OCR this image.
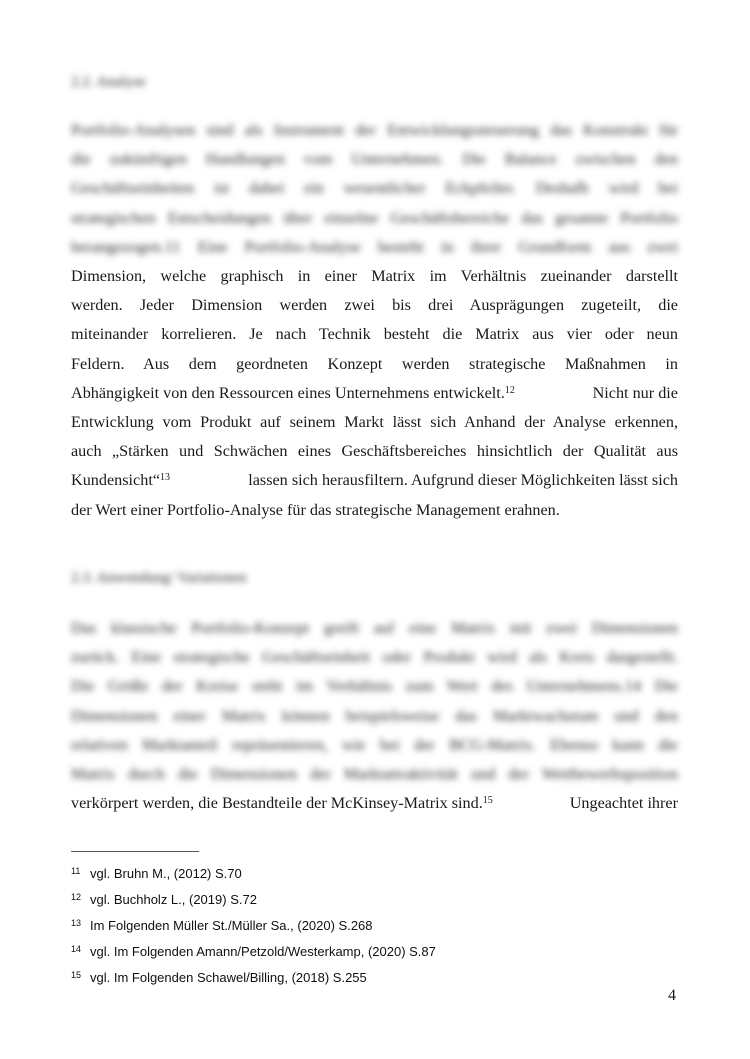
2.2. Analyse
Portfolio-Analysen sind als Instrument der Entwicklungssteuerung das Konstrukt für
die zukünftigen Handlungen vom Unternehmen. Die Balance zwischen den
Geschäftseinheiten ist dabei ein wesentlicher Eckpfeiler. Deshalb wird bei
strategischen Entscheidungen über einzelne Geschäftsbereiche das gesamte Portfolio
herangezogen.11 Eine Portfolio-Analyse besteht in ihrer Grundform aus zwei
Dimension, welche graphisch in einer Matrix im Verhältnis zueinander darstellt
werden. Jeder Dimension werden zwei bis drei Ausprägungen zugeteilt, die
miteinander korrelieren. Je nach Technik besteht die Matrix aus vier oder neun
Feldern. Aus dem geordneten Konzept werden strategische Maßnahmen in
Abhängigkeit von den Ressourcen eines Unternehmens entwickelt.$^{12}$	Nicht nur die
Entwicklung vom Produkt auf seinem Markt lässt sich Anhand der Analyse erkennen,
auch „Stärken und Schwächen eines Geschäftsbereiches hinsichtlich der Qualität aus
Kundensicht“$^{13}$	lassen sich herausfiltern. Aufgrund dieser Möglichkeiten lässt sich
der Wert einer Portfolio-Analyse für das strategische Management erahnen.
2.3. Anwendung/ Variationen
Das klassische Portfolio-Konzept greift auf eine Matrix mit zwei Dimensionen
zurück. Eine strategische Geschäftseinheit oder Produkt wird als Kreis dargestellt.
Die Größe der Kreise steht im Verhältnis zum Wert des Unternehmens.14 Die
Dimensionen einer Matrix können beispielsweise das Marktwachstum und den
relativen Marktanteil repräsentieren, wie bei der BCG-Matrix. Ebenso kann die
Matrix durch die Dimensionen der Marktattraktivität und der Wettbewerbsposition
verkörpert werden, die Bestandteile der McKinsey-Matrix sind.$^{15}$	Ungeachtet ihrer
11 vgl. Bruhn M., (2012) S.70
12 vgl. Buchholz L., (2019) S.72
13 Im Folgenden Müller St./Müller Sa., (2020) S.268
14 vgl. Im Folgenden Amann/Petzold/Westerkamp, (2020) S.87
15 vgl. Im Folgenden Schawel/Billing, (2018) S.255
4
